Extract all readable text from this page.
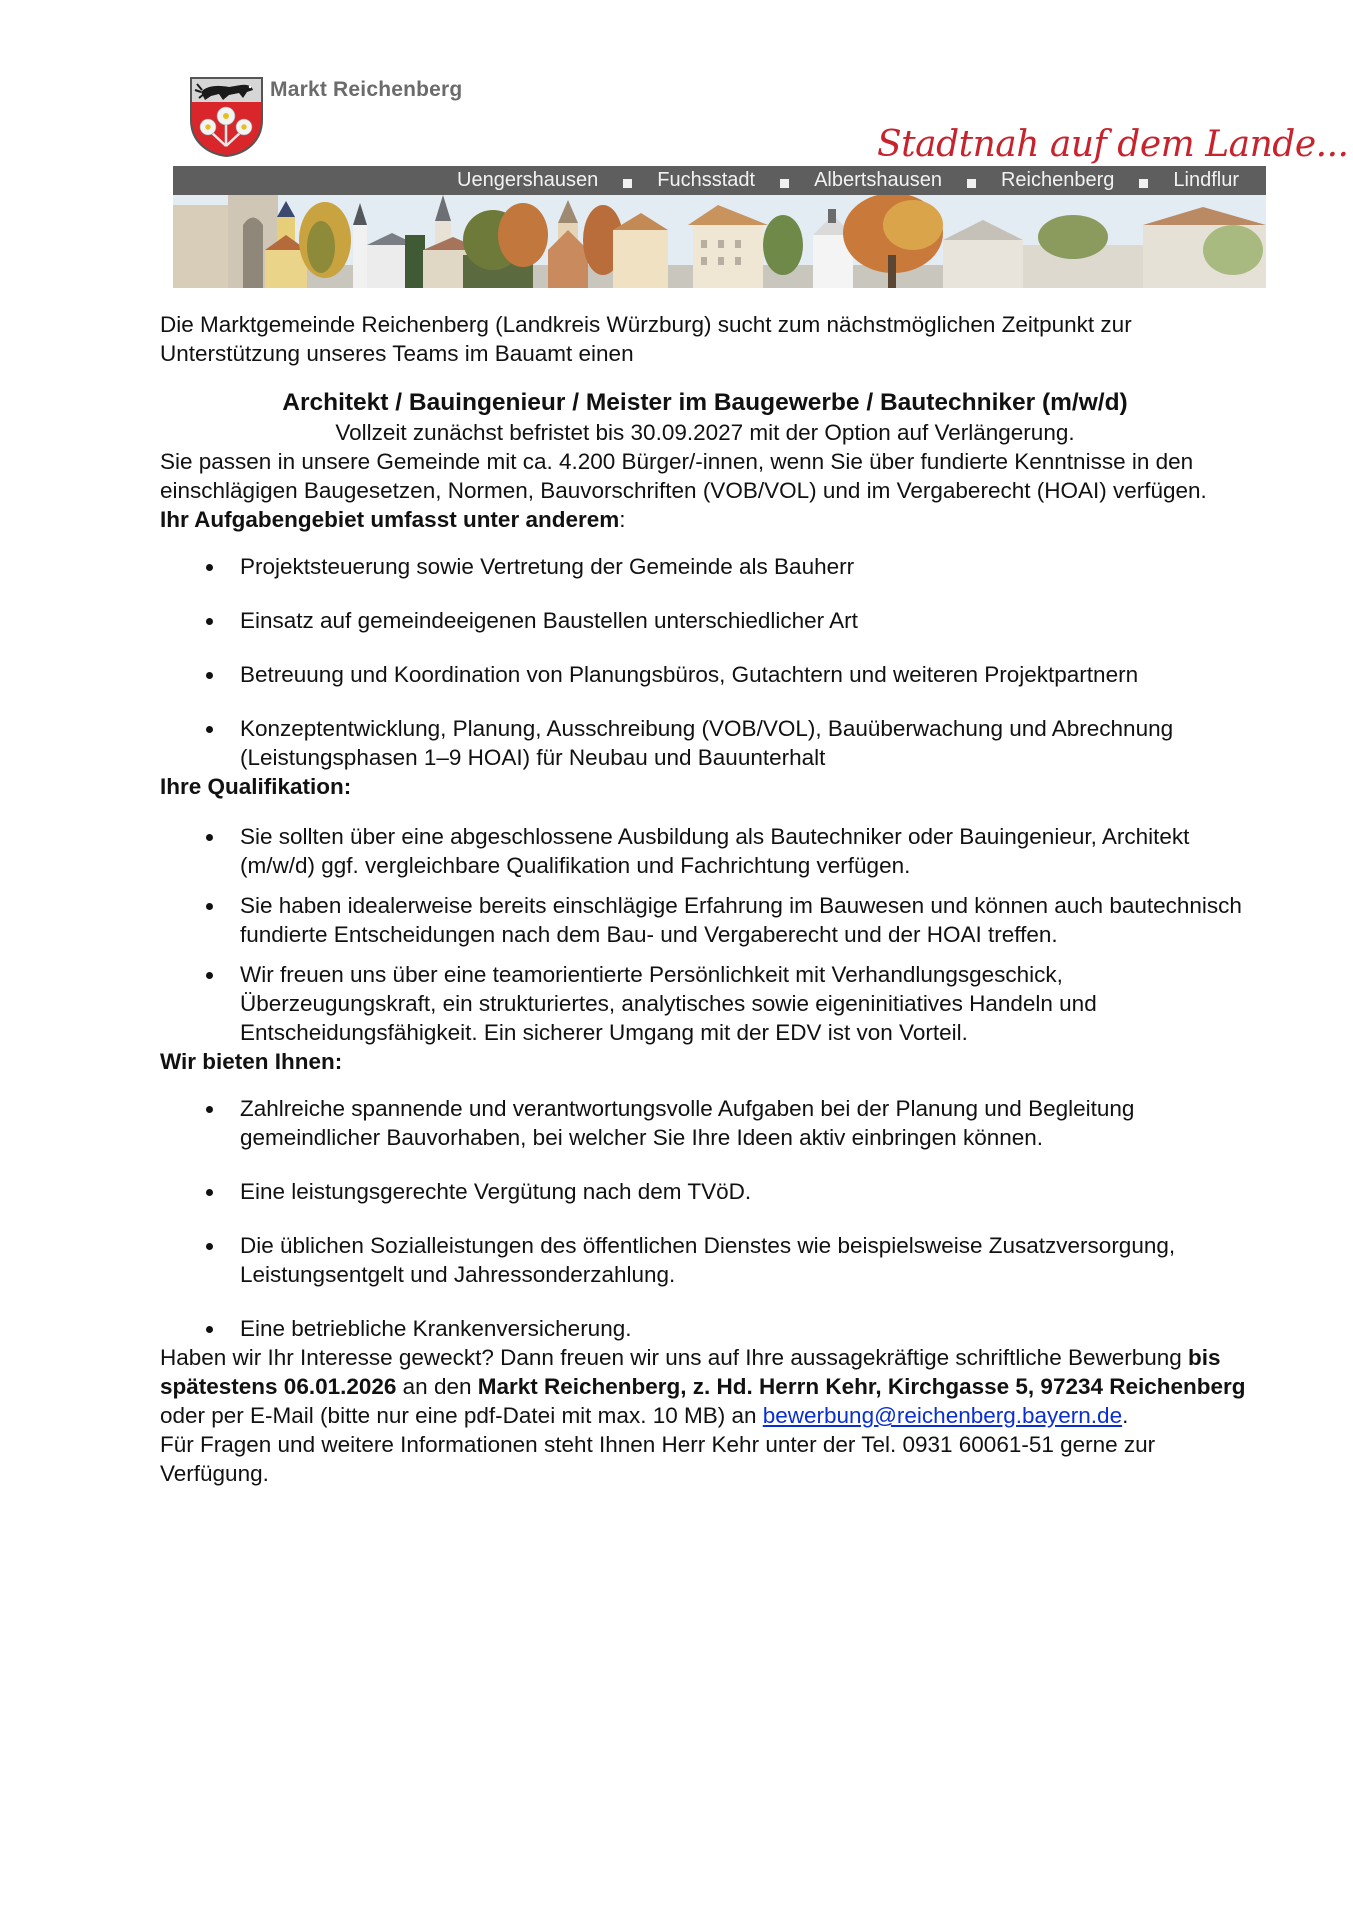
Markt Reichenberg
Stadtnah auf dem Lande...
Uengershausen	Fuchsstadt	Albertshausen	Reichenberg	Lindflur

Die Marktgemeinde Reichenberg (Landkreis Würzburg) sucht zum nächstmöglichen Zeitpunkt zur Unterstützung unseres Teams im Bauamt einen

Architekt / Bauingenieur / Meister im Baugewerbe / Bautechniker (m/w/d)
Vollzeit zunächst befristet bis 30.09.2027 mit der Option auf Verlängerung.

Sie passen in unsere Gemeinde mit ca. 4.200 Bürger/-innen, wenn Sie über fundierte Kenntnisse in den einschlägigen Baugesetzen, Normen, Bauvorschriften (VOB/VOL) und im Vergaberecht (HOAI) verfügen.

Ihr Aufgabengebiet umfasst unter anderem:

Projektsteuerung sowie Vertretung der Gemeinde als Bauherr
Einsatz auf gemeindeeigenen Baustellen unterschiedlicher Art
Betreuung und Koordination von Planungsbüros, Gutachtern und weiteren Projektpartnern
Konzeptentwicklung, Planung, Ausschreibung (VOB/VOL), Bauüberwachung und Abrechnung (Leistungsphasen 1–9 HOAI) für Neubau und Bauunterhalt

Ihre Qualifikation:

Sie sollten über eine abgeschlossene Ausbildung als Bautechniker oder Bauingenieur, Architekt (m/w/d) ggf. vergleichbare Qualifikation und Fachrichtung verfügen.
Sie haben idealerweise bereits einschlägige Erfahrung im Bauwesen und können auch bautechnisch fundierte Entscheidungen nach dem Bau- und Vergaberecht und der HOAI treffen.
Wir freuen uns über eine teamorientierte Persönlichkeit mit Verhandlungsgeschick, Überzeugungskraft, ein strukturiertes, analytisches sowie eigeninitiatives Handeln und Entscheidungsfähigkeit. Ein sicherer Umgang mit der EDV ist von Vorteil.

Wir bieten Ihnen:

Zahlreiche spannende und verantwortungsvolle Aufgaben bei der Planung und Begleitung gemeindlicher Bauvorhaben, bei welcher Sie Ihre Ideen aktiv einbringen können.
Eine leistungsgerechte Vergütung nach dem TVöD.
Die üblichen Sozialleistungen des öffentlichen Dienstes wie beispielsweise Zusatzversorgung, Leistungsentgelt und Jahressonderzahlung.
Eine betriebliche Krankenversicherung.

Haben wir Ihr Interesse geweckt? Dann freuen wir uns auf Ihre aussagekräftige schriftliche Bewerbung bis spätestens 06.01.2026 an den Markt Reichenberg, z. Hd. Herrn Kehr, Kirchgasse 5, 97234 Reichenberg oder per E-Mail (bitte nur eine pdf-Datei mit max. 10 MB) an bewerbung@reichenberg.bayern.de.

Für Fragen und weitere Informationen steht Ihnen Herr Kehr unter der Tel. 0931 60061-51 gerne zur Verfügung.
